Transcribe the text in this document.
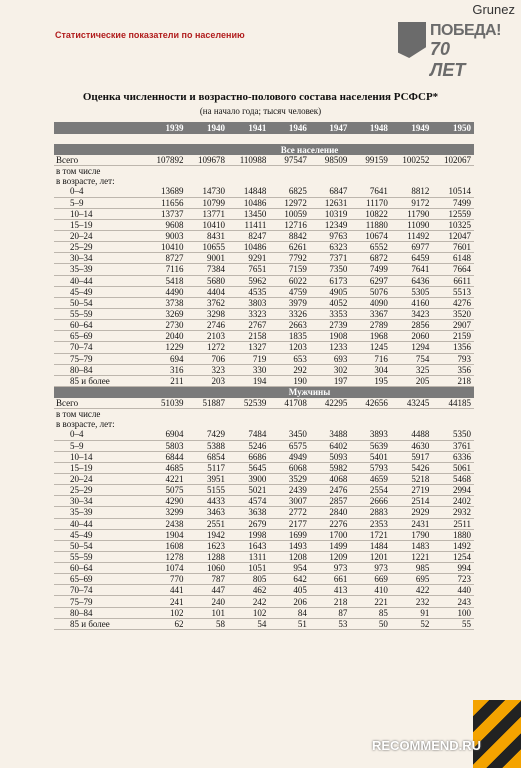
Grunez
Статистические показатели по населению	ПОБЕДА!
70 ЛЕТ
Оценка численности и возрастно-полового состава населения РСФСР*
(на начало года; тысяч человек)
	1939	1940	1941	1946	1947	1948	1949	1950

	Все население							
Всего	107892	109678	110988	97547	98509	99159	100252	102067
в том числе								
в возрасте, лет:								
0–4	13689	14730	14848	6825	6847	7641	8812	10514
5–9	11656	10799	10486	12972	12631	11170	9172	7499
10–14	13737	13771	13450	10059	10319	10822	11790	12559
15–19	9608	10410	11411	12716	12349	11880	11090	10325
20–24	9003	8431	8247	8842	9763	10674	11492	12047
25–29	10410	10655	10486	6261	6323	6552	6977	7601
30–34	8727	9001	9291	7792	7371	6872	6459	6148
35–39	7116	7384	7651	7159	7350	7499	7641	7664
40–44	5418	5680	5962	6022	6173	6297	6436	6611
45–49	4490	4404	4535	4759	4905	5076	5305	5513
50–54	3738	3762	3803	3979	4052	4090	4160	4276
55–59	3269	3298	3323	3326	3353	3367	3423	3520
60–64	2730	2746	2767	2663	2739	2789	2856	2907
65–69	2040	2103	2158	1835	1908	1968	2060	2159
70–74	1229	1272	1327	1203	1233	1245	1294	1356
75–79	694	706	719	653	693	716	754	793
80–84	316	323	330	292	302	304	325	356
85 и более	211	203	194	190	197	195	205	218
	Мужчины							
Всего	51039	51887	52539	41708	42295	42656	43245	44185
в том числе								
в возрасте, лет:								
0–4	6904	7429	7484	3450	3488	3893	4488	5350
5–9	5803	5388	5246	6575	6402	5639	4630	3761
10–14	6844	6854	6686	4949	5093	5401	5917	6336
15–19	4685	5117	5645	6068	5982	5793	5426	5061
20–24	4221	3951	3900	3529	4068	4659	5218	5468
25–29	5075	5155	5021	2439	2476	2554	2719	2994
30–34	4290	4433	4574	3007	2857	2666	2514	2402
35–39	3299	3463	3638	2772	2840	2883	2929	2932
40–44	2438	2551	2679	2177	2276	2353	2431	2511
45–49	1904	1942	1998	1699	1700	1721	1790	1880
50–54	1608	1623	1643	1493	1499	1484	1483	1492
55–59	1278	1288	1311	1208	1209	1201	1221	1254
60–64	1074	1060	1051	954	973	973	985	994
65–69	770	787	805	642	661	669	695	723
70–74	441	447	462	405	413	410	422	440
75–79	241	240	242	206	218	221	232	243
80–84	102	101	102	84	87	85	91	100
85 и более	62	58	54	51	53	50	52	55
RECOMMEND.RU
